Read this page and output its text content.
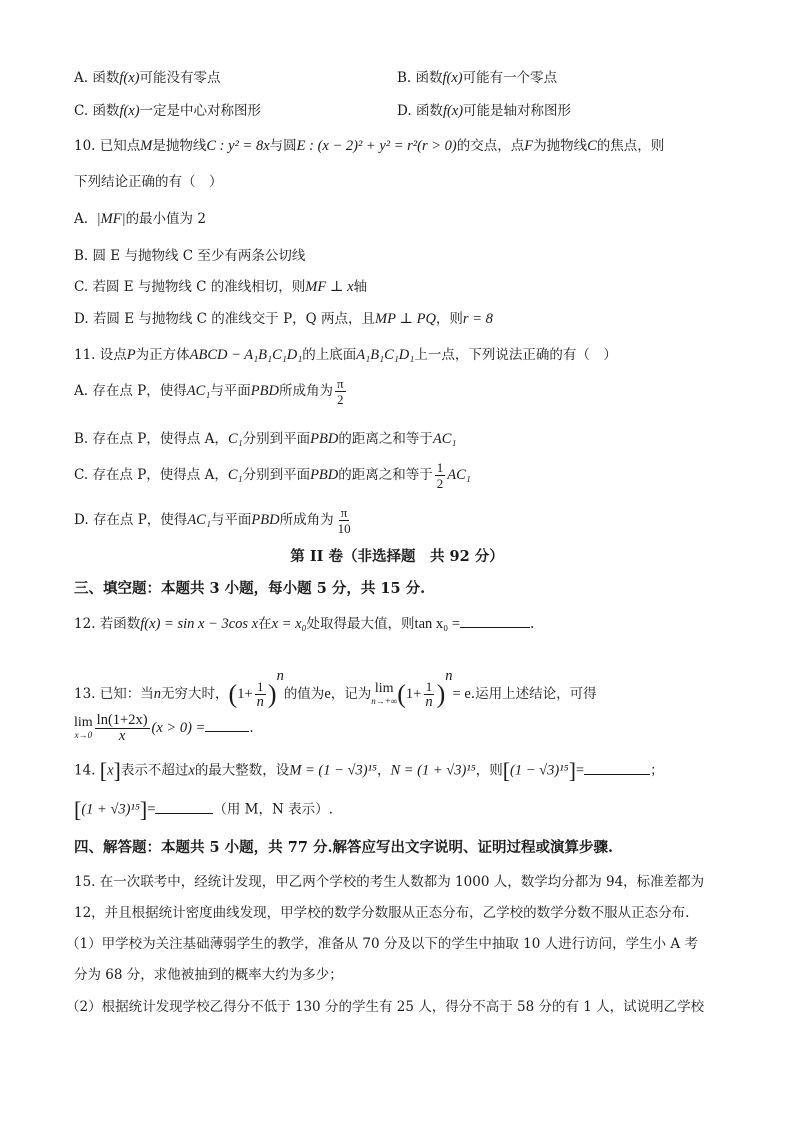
A. 函数f(x)可能没有零点	B. 函数f(x)可能有一个零点
C. 函数f(x)一定是中心对称图形	D. 函数f(x)可能是轴对称图形
10. 已知点M是抛物线C : y² = 8x与圆E : (x − 2)² + y² = r²(r > 0)的交点，点F为抛物线C的焦点，则
下列结论正确的有（　）
A. |MF|的最小值为 2
B. 圆 E 与抛物线 C 至少有两条公切线
C. 若圆 E 与抛物线 C 的准线相切，则MF ⊥ x轴
D. 若圆 E 与抛物线 C 的准线交于 P，Q 两点，且MP ⊥ PQ，则r = 8
11. 设点P为正方体ABCD − A₁B₁C₁D₁的上底面A₁B₁C₁D₁上一点，下列说法正确的有（　）
A. 存在点 P，使得AC₁与平面PBD所成角为 $\frac{\pi}{2}$
B. 存在点 P，使得点 A，C₁分别到平面PBD的距离之和等于AC₁
C. 存在点 P，使得点 A，C₁分别到平面PBD的距离之和等于 $\frac{1}{2} AC_1$
D. 存在点 P，使得AC₁与平面PBD所成角为 $\frac{\pi}{10}$
第 II 卷（非选择题　共 92 分）
三、填空题：本题共 3 小题，每小题 5 分，共 15 分.
12. 若函数f(x) = sin x − 3cos x在x = x₀处取得最大值，则tan x₀ =	.
13. 已知：当n无穷大时，$(1+ \frac{1}{n} )^n$的值为e，记为 lim
n→+∞ $(1+ \frac{1}{n} )^n= e$.运用上述结论，可得
lim
$x\to 0 \frac{\ln(1+2x)}{x} (x > 0)$ =	.
14. [x]表示不超过x的最大整数，设M = (1 − √3)¹⁵，N = (1 + √3)¹⁵，则[(1 − √3)¹⁵]=	；
[(1 + √3)¹⁵]=	（用 M，N 表示）.
四、解答题：本题共 5 小题，共 77 分.解答应写出文字说明、证明过程或演算步骤.
15. 在一次联考中，经统计发现，甲乙两个学校的考生人数都为 1000 人，数学均分都为 94，标准差都为
12，并且根据统计密度曲线发现，甲学校的数学分数服从正态分布，乙学校的数学分数不服从正态分布.
（1）甲学校为关注基础薄弱学生的教学，准备从 70 分及以下的学生中抽取 10 人进行访问，学生小 A 考
分为 68 分，求他被抽到的概率大约为多少；
（2）根据统计发现学校乙得分不低于 130 分的学生有 25 人，得分不高于 58 分的有 1 人，试说明乙学校
